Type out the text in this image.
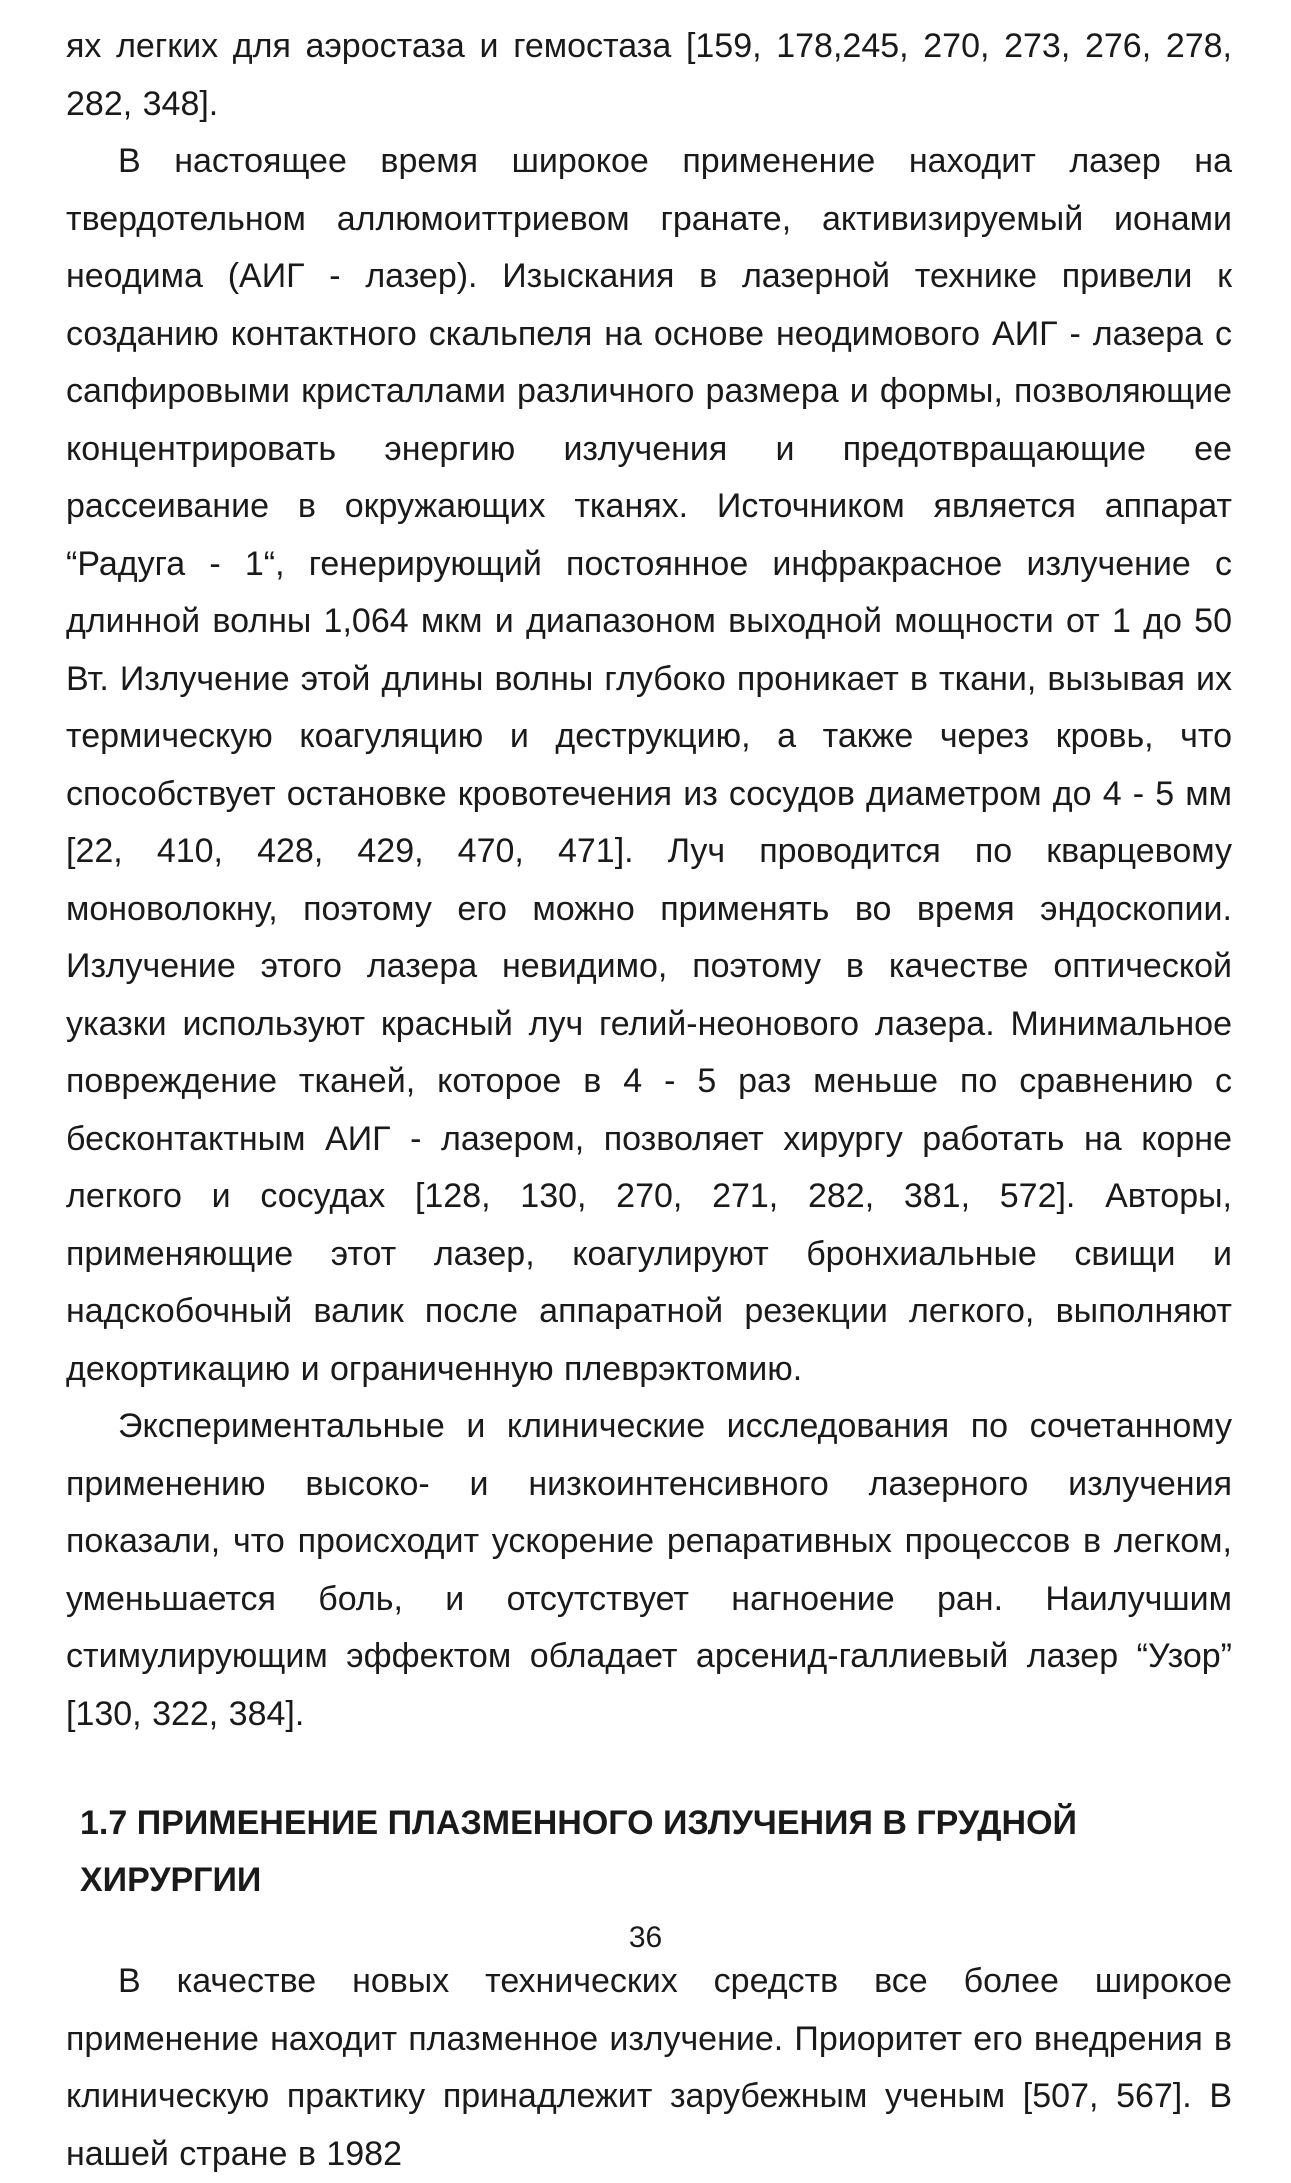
ях легких для аэростаза и гемостаза [159, 178,245, 270, 273, 276, 278, 282, 348].

В настоящее время широкое применение находит лазер на твердотельном аллюмоиттриевом гранате, активизируемый ионами неодима (АИГ - лазер). Изыскания в лазерной технике привели к созданию контактного скальпеля на основе неодимового АИГ - лазера с сапфировыми кристаллами различного размера и формы, позволяющие концентрировать энергию излучения и предотвращающие ее рассеивание в окружающих тканях. Источником является аппарат “Радуга - 1“, генерирующий постоянное инфракрасное излучение с длинной волны 1,064 мкм и диапазоном выходной мощности от 1 до 50 Вт. Излучение этой длины волны глубоко проникает в ткани, вызывая их термическую коагуляцию и деструкцию, а также через кровь, что способствует остановке кровотечения из сосудов диаметром до 4 - 5 мм [22, 410, 428, 429, 470, 471]. Луч проводится по кварцевому моноволокну, поэтому его можно применять во время эндоскопии. Излучение этого лазера невидимо, поэтому в качестве оптической указки используют красный луч гелий-неонового лазера. Минимальное повреждение тканей, которое в 4 - 5 раз меньше по сравнению с бесконтактным АИГ - лазером, позволяет хирургу работать на корне легкого и сосудах [128, 130, 270, 271, 282, 381, 572]. Авторы, применяющие этот лазер, коагулируют бронхиальные свищи и надскобочный валик после аппаратной резекции легкого, выполняют декортикацию и ограниченную плеврэктомию.

Экспериментальные и клинические исследования по сочетанному применению высоко- и низкоинтенсивного лазерного излучения показали, что происходит ускорение репаративных процессов в легком, уменьшается боль, и отсутствует нагноение ран. Наилучшим стимулирующим эффектом обладает арсенид-галлиевый лазер “Узор” [130, 322, 384].

1.7 ПРИМЕНЕНИЕ ПЛАЗМЕННОГО ИЗЛУЧЕНИЯ В ГРУДНОЙ ХИРУРГИИ

В качестве новых технических средств все более широкое применение находит плазменное излучение. Приоритет его внедрения в клиническую практику принадлежит зарубежным ученым [507, 567]. В нашей стране в 1982

36
